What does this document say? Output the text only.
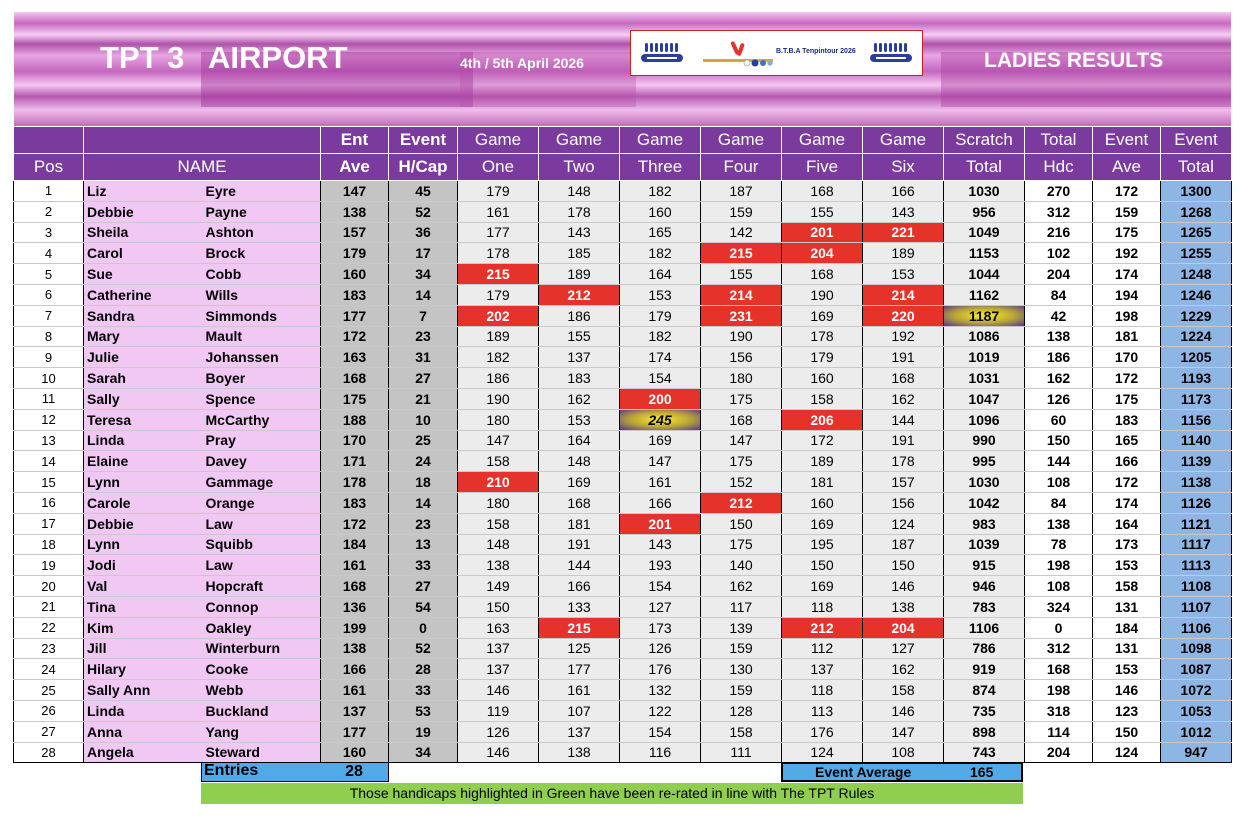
TPT 3 AIRPORT	4th / 5th April 2026
B.T.B.A Tenpintour 2026	LADIES RESULTS
			Ent	Event	Game	Game	Game	Game	Game	Game	Scratch	Total	Event	Event
Pos	NAME		Ave	H/Cap	One	Two	Three	Four	Five	Six	Total	Hdc	Ave	Total
1	Liz	Eyre	147	45	179	148	182	187	168	166	1030	270	172	1300
2	Debbie	Payne	138	52	161	178	160	159	155	143	956	312	159	1268
3	Sheila	Ashton	157	36	177	143	165	142	201	221	1049	216	175	1265
4	Carol	Brock	179	17	178	185	182	215	204	189	1153	102	192	1255
5	Sue	Cobb	160	34	215	189	164	155	168	153	1044	204	174	1248
6	Catherine	Wills	183	14	179	212	153	214	190	214	1162	84	194	1246
7	Sandra	Simmonds	177	7	202	186	179	231	169	220	1187	42	198	1229
8	Mary	Mault	172	23	189	155	182	190	178	192	1086	138	181	1224
9	Julie	Johanssen	163	31	182	137	174	156	179	191	1019	186	170	1205
10	Sarah	Boyer	168	27	186	183	154	180	160	168	1031	162	172	1193
11	Sally	Spence	175	21	190	162	200	175	158	162	1047	126	175	1173
12	Teresa	McCarthy	188	10	180	153	245	168	206	144	1096	60	183	1156
13	Linda	Pray	170	25	147	164	169	147	172	191	990	150	165	1140
14	Elaine	Davey	171	24	158	148	147	175	189	178	995	144	166	1139
15	Lynn	Gammage	178	18	210	169	161	152	181	157	1030	108	172	1138
16	Carole	Orange	183	14	180	168	166	212	160	156	1042	84	174	1126
17	Debbie	Law	172	23	158	181	201	150	169	124	983	138	164	1121
18	Lynn	Squibb	184	13	148	191	143	175	195	187	1039	78	173	1117
19	Jodi	Law	161	33	138	144	193	140	150	150	915	198	153	1113
20	Val	Hopcraft	168	27	149	166	154	162	169	146	946	108	158	1108
21	Tina	Connop	136	54	150	133	127	117	118	138	783	324	131	1107
22	Kim	Oakley	199	0	163	215	173	139	212	204	1106	0	184	1106
23	Jill	Winterburn	138	52	137	125	126	159	112	127	786	312	131	1098
24	Hilary	Cooke	166	28	137	177	176	130	137	162	919	168	153	1087
25	Sally Ann	Webb	161	33	146	161	132	159	118	158	874	198	146	1072
26	Linda	Buckland	137	53	119	107	122	128	113	146	735	318	123	1053
27	Anna	Yang	177	19	126	137	154	158	176	147	898	114	150	1012
28	Angela	Steward	160	34	146	138	116	111	124	108	743	204	124	947
Entries	28	Event Average	165
Those handicaps highlighted in Green have been re-rated in line with The TPT Rules
